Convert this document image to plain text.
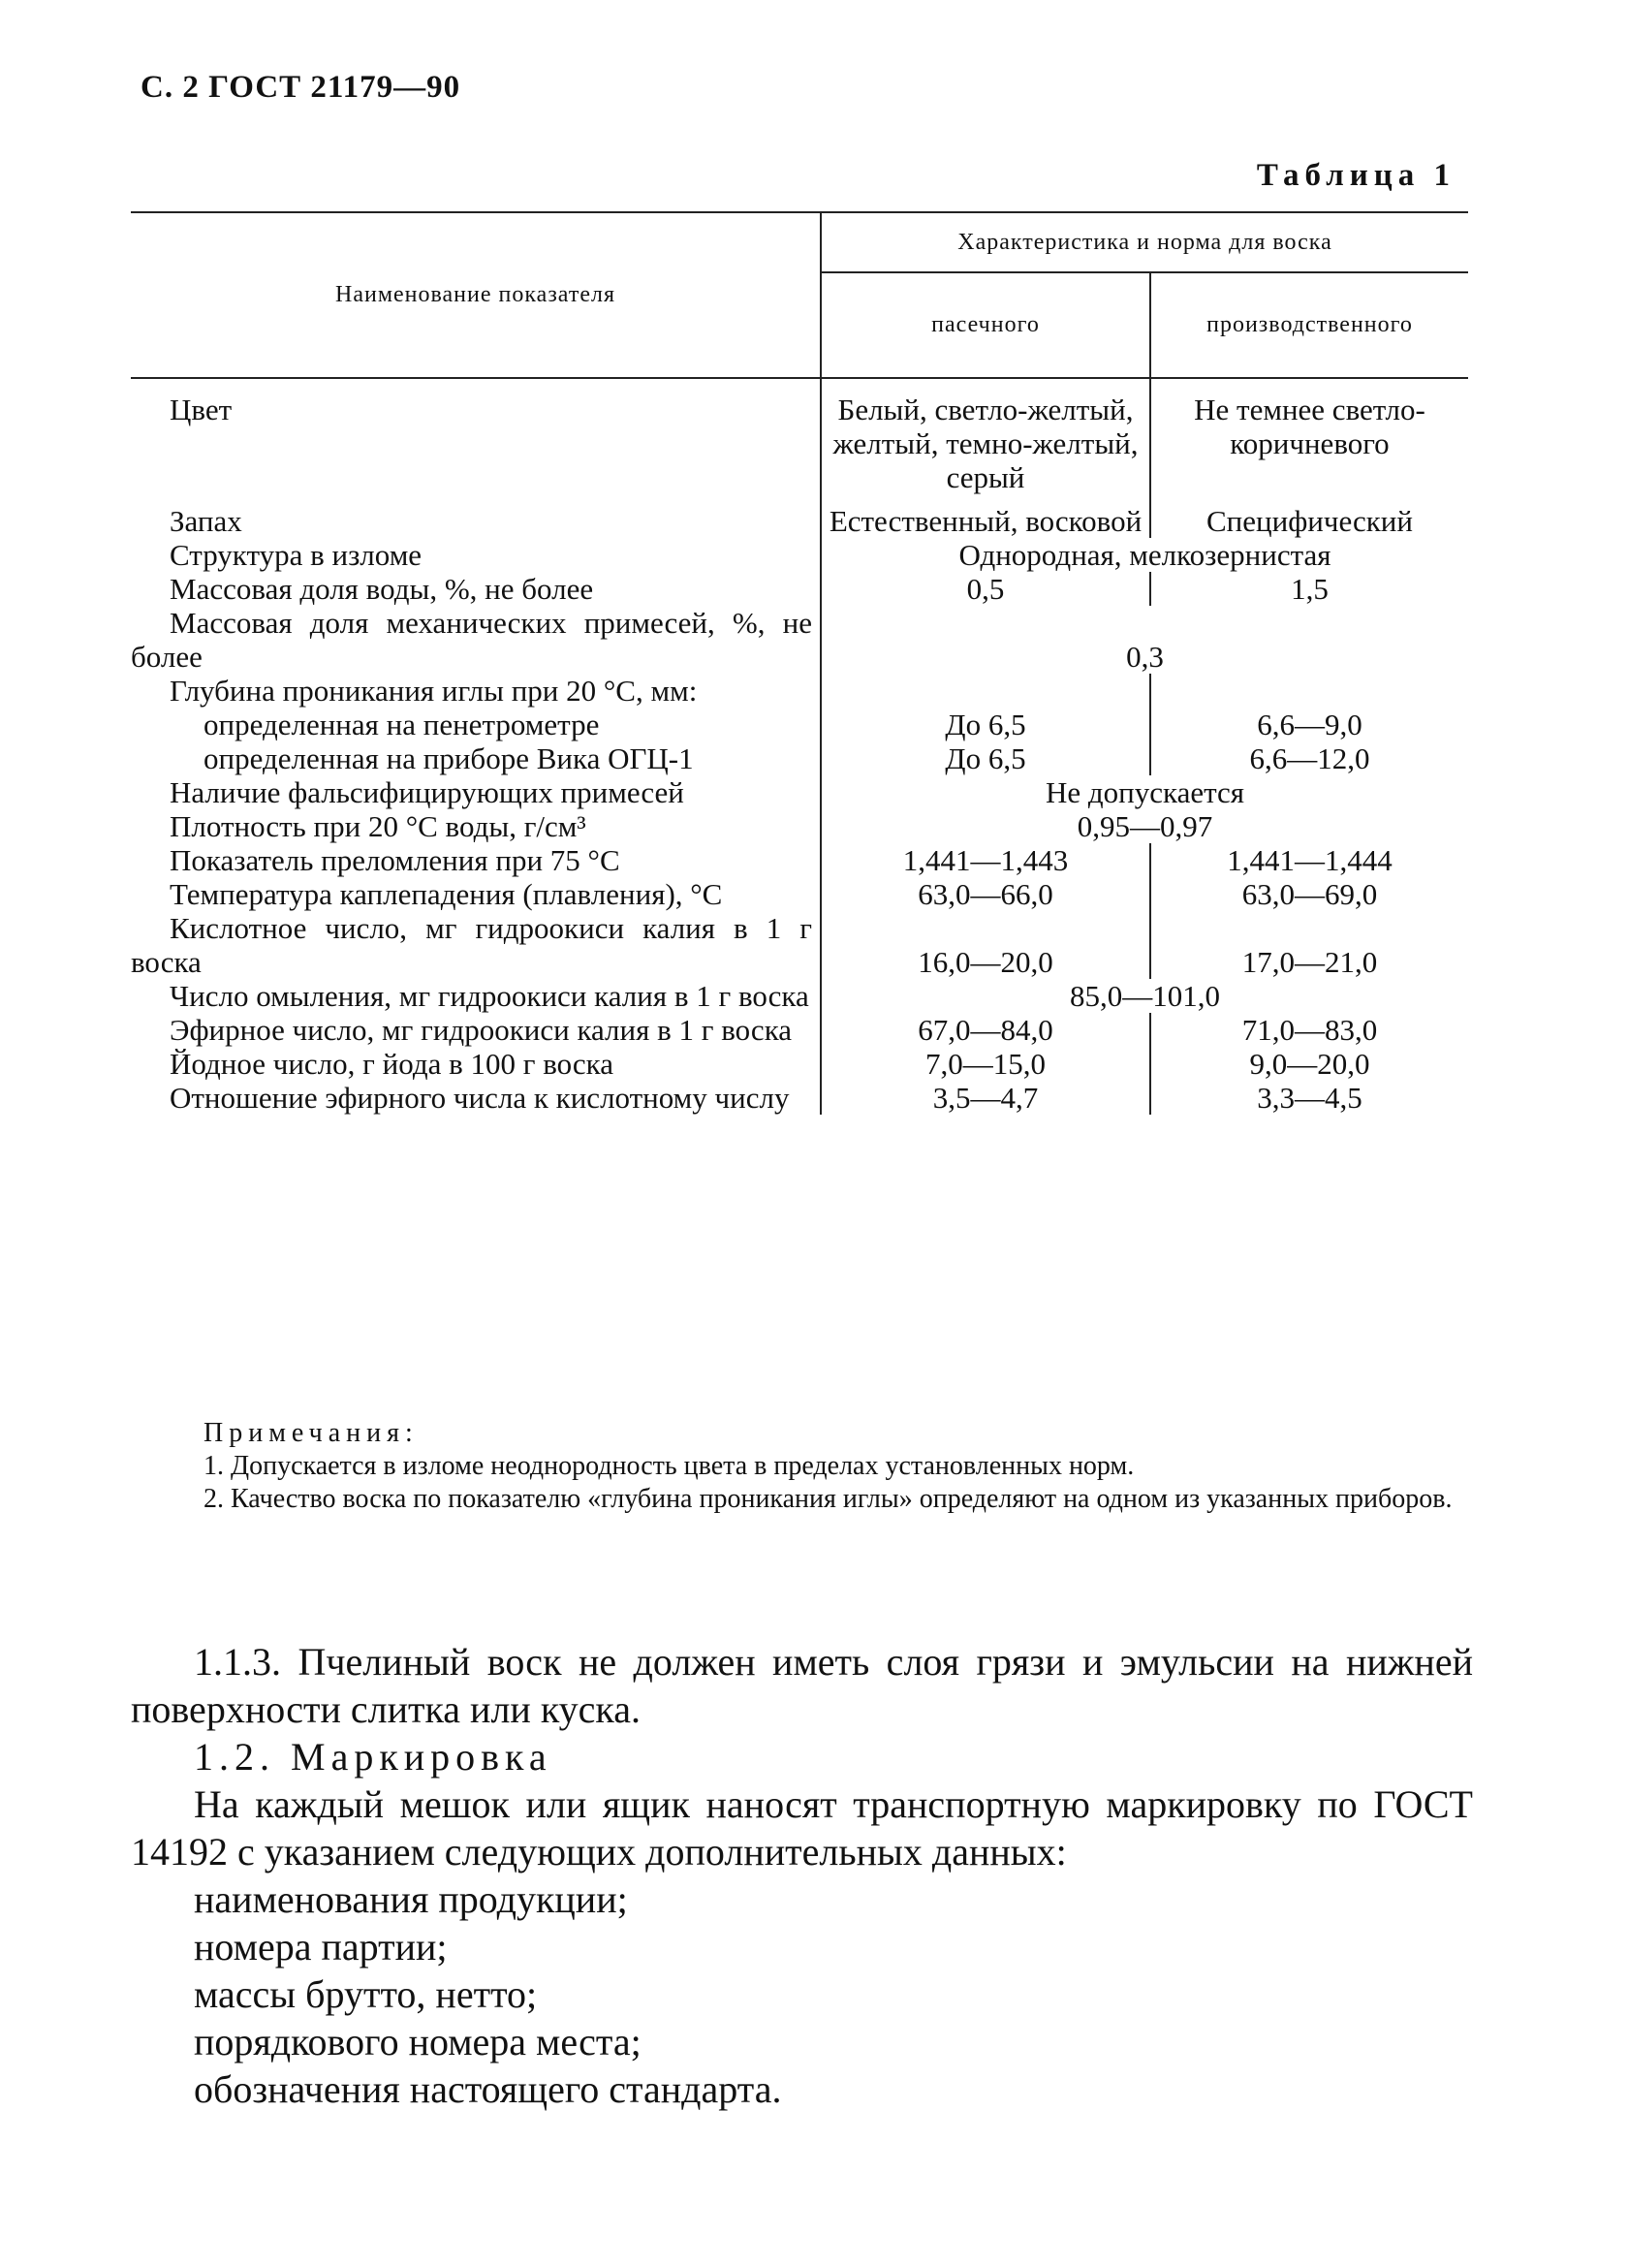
С. 2 ГОСТ 21179—90
Таблица 1
Наименование показателя	Характеристика и норма для воска	
	пасечного	производственного
Цвет	Белый, светло-желтый, желтый, темно-желтый, серый	Не темнее светло-коричневого
Запах	Естественный, восковой	Специфический
Структура в изломе	Однородная, мелкозернистая	
Массовая доля воды, %, не более	0,5	1,5
Массовая доля механических примесей, %, не более	0,3	
Глубина проникания иглы при 20 °С, мм:		
определенная на пенетрометре	До 6,5	6,6—9,0
определенная на приборе Вика ОГЦ-1	До 6,5	6,6—12,0
Наличие фальсифицирующих примесей	Не допускается	
Плотность при 20 °С воды, г/см³	0,95—0,97	
Показатель преломления при 75 °С	1,441—1,443	1,441—1,444
Температура каплепадения (плавления), °С	63,0—66,0	63,0—69,0
Кислотное число, мг гидроокиси калия в 1 г воска	16,0—20,0	17,0—21,0
Число омыления, мг гидроокиси калия в 1 г воска	85,0—101,0	
Эфирное число, мг гидроокиси калия в 1 г воска	67,0—84,0	71,0—83,0
Йодное число, г йода в 100 г воска	7,0—15,0	9,0—20,0
Отношение эфирного числа к кислотному числу	3,5—4,7	3,3—4,5
Примечания:

1. Допускается в изломе неоднородность цвета в пределах установленных норм.

2. Качество воска по показателю «глубина проникания иглы» определяют на одном из указанных приборов.

1.1.3. Пчелиный воск не должен иметь слоя грязи и эмульсии на нижней поверхности слитка или куска.

1.2. Маркировка

На каждый мешок или ящик наносят транспортную маркировку по ГОСТ 14192 с указанием следующих дополнительных данных:

наименования продукции;
номера партии;
массы брутто, нетто;
порядкового номера места;
обозначения настоящего стандарта.
